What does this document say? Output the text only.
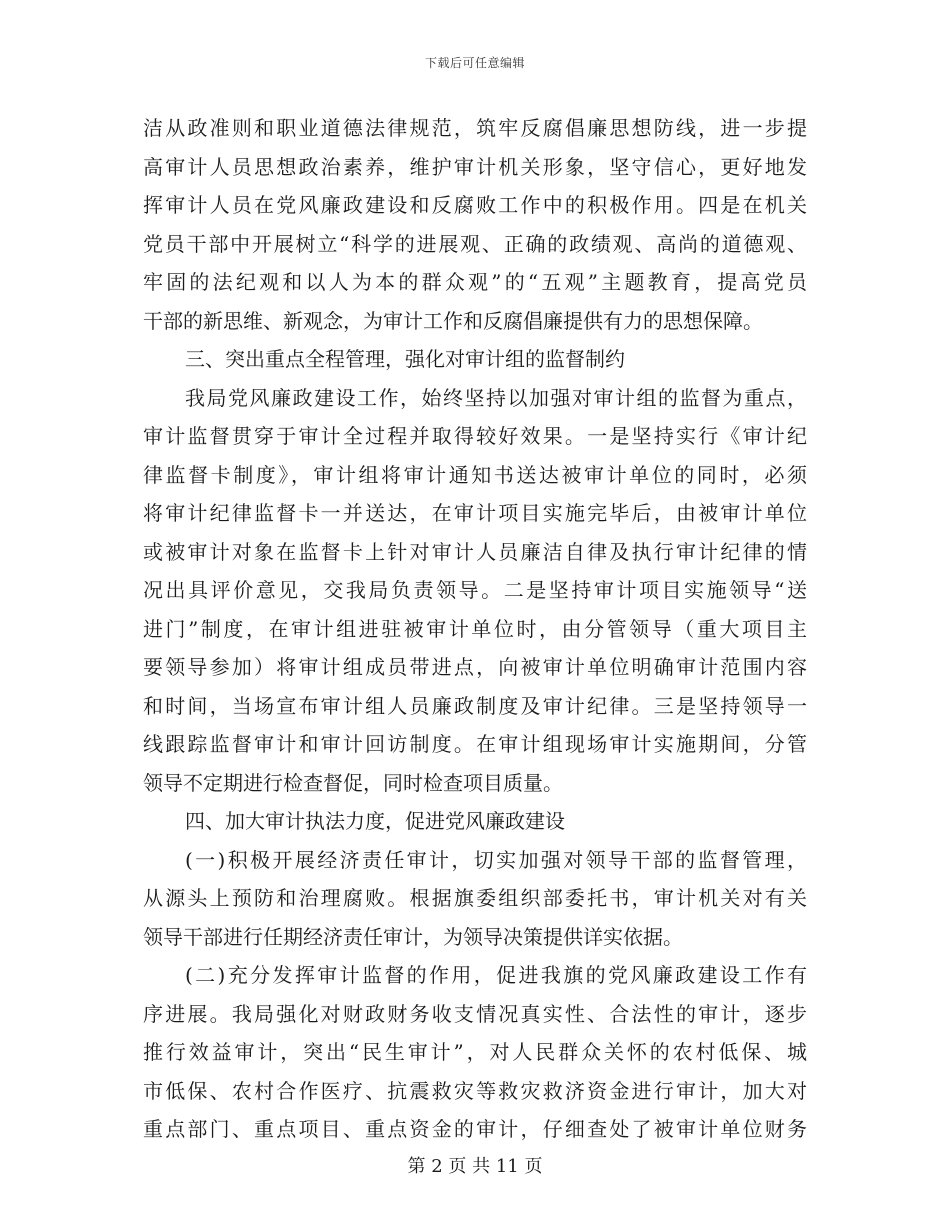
下载后可任意编辑
洁从政准则和职业道德法律规范，筑牢反腐倡廉思想防线，进一步提
高审计人员思想政治素养，维护审计机关形象，坚守信心，更好地发
挥审计人员在党风廉政建设和反腐败工作中的积极作用。四是在机关
党员干部中开展树立“科学的进展观、正确的政绩观、高尚的道德观、
牢固的法纪观和以人为本的群众观”的“五观”主题教育，提高党员
干部的新思维、新观念，为审计工作和反腐倡廉提供有力的思想保障。
三、突出重点全程管理，强化对审计组的监督制约
我局党风廉政建设工作，始终坚持以加强对审计组的监督为重点，
审计监督贯穿于审计全过程并取得较好效果。一是坚持实行《审计纪
律监督卡制度》，审计组将审计通知书送达被审计单位的同时，必须
将审计纪律监督卡一并送达，在审计项目实施完毕后，由被审计单位
或被审计对象在监督卡上针对审计人员廉洁自律及执行审计纪律的情
况出具评价意见，交我局负责领导。二是坚持审计项目实施领导“送
进门”制度，在审计组进驻被审计单位时，由分管领导（重大项目主
要领导参加）将审计组成员带进点，向被审计单位明确审计范围内容
和时间，当场宣布审计组人员廉政制度及审计纪律。三是坚持领导一
线跟踪监督审计和审计回访制度。在审计组现场审计实施期间，分管
领导不定期进行检查督促，同时检查项目质量。
四、加大审计执法力度，促进党风廉政建设
(一)积极开展经济责任审计，切实加强对领导干部的监督管理，
从源头上预防和治理腐败。根据旗委组织部委托书，审计机关对有关
领导干部进行任期经济责任审计，为领导决策提供详实依据。
(二)充分发挥审计监督的作用，促进我旗的党风廉政建设工作有
序进展。我局强化对财政财务收支情况真实性、合法性的审计，逐步
推行效益审计，突出“民生审计”，对人民群众关怀的农村低保、城
市低保、农村合作医疗、抗震救灾等救灾救济资金进行审计，加大对
重点部门、重点项目、重点资金的审计，仔细查处了被审计单位财务
第 2 页 共 11 页
